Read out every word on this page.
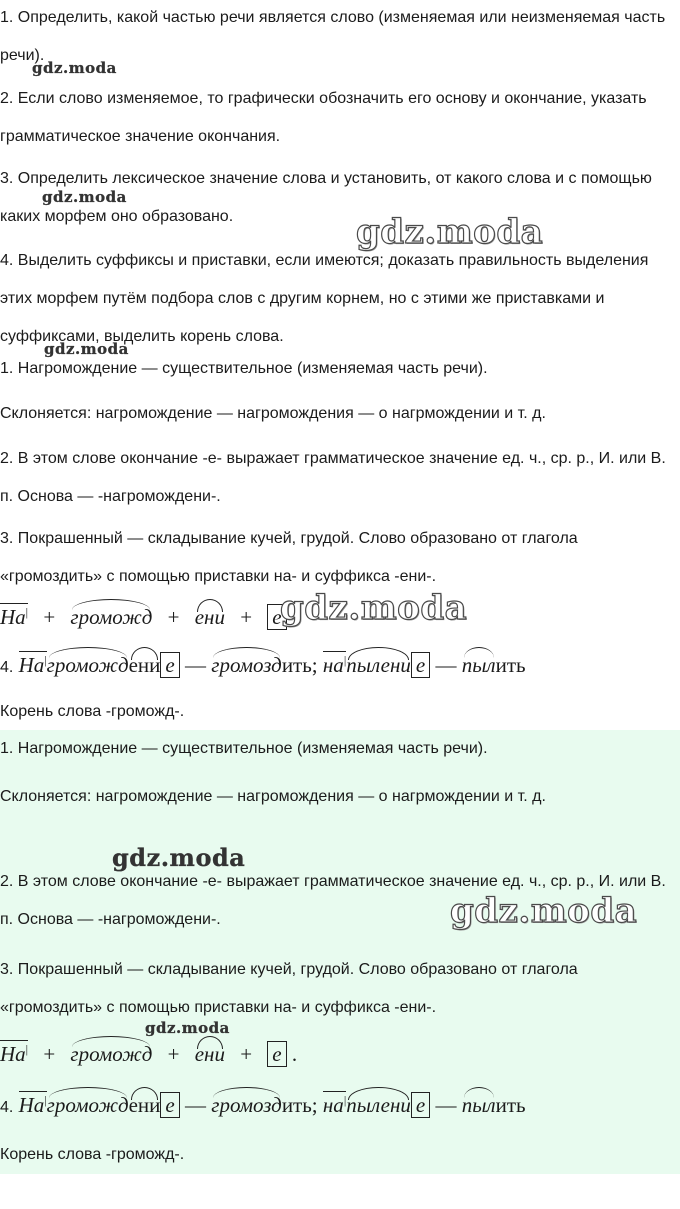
1. Определить, какой частью речи является слово (изменяемая или неизменяемая часть речи).

2. Если слово изменяемое, то графически обозначить его основу и окончание, указать грамматическое значение окончания.

3. Определить лексическое значение слова и установить, от какого слова и с помощью каких морфем оно образовано.

4. Выделить суффиксы и приставки, если имеются; доказать правильность выделения этих морфем путём подбора слов с другим корнем, но с этими же приставками и суффиксами, выделить корень слова.

1. Нагромождение — существительное (изменяемая часть речи).

Склоняется: нагромождение — нагромождения — о нагрмождении и т. д.

2. В этом слове окончание -е- выражает грамматическое значение ед. ч., ср. р., И. или В. п. Основа — -нагромождени-.

3. Покрашенный — складывание кучей, грудой. Слово образовано от глагола «громоздить» с помощью приставки на- и суффикса -ени-.

На| + громожд + ени + е
4. На|громождени е — громоздить; на|пылени е — пылить

Корень слова -громожд-.

1. Нагромождение — существительное (изменяемая часть речи).

Склоняется: нагромождение — нагромождения — о нагрмождении и т. д.

2. В этом слове окончание -е- выражает грамматическое значение ед. ч., ср. р., И. или В. п. Основа — -нагромождени-.

3. Покрашенный — складывание кучей, грудой. Слово образовано от глагола «громоздить» с помощью приставки на- и суффикса -ени-.

На| + громожд + ени + е .
4. На|громождени е — громоздить; на|пылени е — пылить

Корень слова -громожд-.

gdz.moda
gdz.moda
gdz.moda
gdz.moda
gdz.moda
gdz.moda
gdz.moda
gdz.moda
